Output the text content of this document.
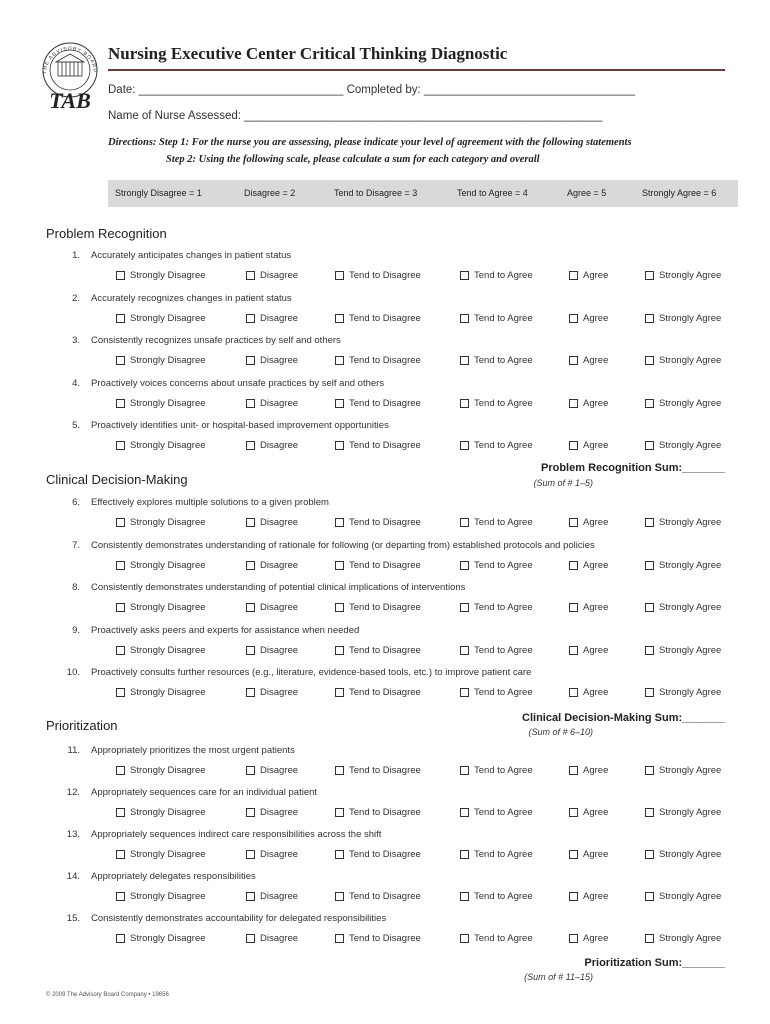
THE ADVISORY BOARD
TAB
Nursing Executive Center Critical Thinking Diagnostic
Date: ________________________________ Completed by: _________________________________
Name of Nurse Assessed: ________________________________________________________
Directions: Step 1: For the nurse you are assessing, please indicate your level of agreement with the following statements
Step 2: Using the following scale, please calculate a sum for each category and overall
Strongly Disagree = 1	Disagree = 2	Tend to Disagree = 3	Tend to Agree = 4	Agree = 5	Strongly Agree = 6
Problem Recognition
Problem Recognition Sum:_______
(Sum of # 1–5)
1. Accurately anticipates changes in patient status
Strongly Disagree	Disagree	Tend to Disagree	Tend to Agree	Agree	Strongly Agree
2. Accurately recognizes changes in patient status
Strongly Disagree	Disagree	Tend to Disagree	Tend to Agree	Agree	Strongly Agree
3. Consistently recognizes unsafe practices by self and others
Strongly Disagree	Disagree	Tend to Disagree	Tend to Agree	Agree	Strongly Agree
4. Proactively voices concerns about unsafe practices by self and others
Strongly Disagree	Disagree	Tend to Disagree	Tend to Agree	Agree	Strongly Agree
5. Proactively identifies unit- or hospital-based improvement opportunities
Strongly Disagree	Disagree	Tend to Disagree	Tend to Agree	Agree	Strongly Agree
Clinical Decision-Making
Clinical Decision-Making Sum:_______
(Sum of # 6–10)
6. Effectively explores multiple solutions to a given problem
Strongly Disagree	Disagree	Tend to Disagree	Tend to Agree	Agree	Strongly Agree
7. Consistently demonstrates understanding of rationale for following (or departing from) established protocols and policies
Strongly Disagree	Disagree	Tend to Disagree	Tend to Agree	Agree	Strongly Agree
8. Consistently demonstrates understanding of potential clinical implications of interventions
Strongly Disagree	Disagree	Tend to Disagree	Tend to Agree	Agree	Strongly Agree
9. Proactively asks peers and experts for assistance when needed
Strongly Disagree	Disagree	Tend to Disagree	Tend to Agree	Agree	Strongly Agree
10. Proactively consults further resources (e.g., literature, evidence-based tools, etc.) to improve patient care
Strongly Disagree	Disagree	Tend to Disagree	Tend to Agree	Agree	Strongly Agree
Prioritization
Prioritization Sum:_______
(Sum of # 11–15)
11. Appropriately prioritizes the most urgent patients
Strongly Disagree	Disagree	Tend to Disagree	Tend to Agree	Agree	Strongly Agree
12. Appropriately sequences care for an individual patient
Strongly Disagree	Disagree	Tend to Disagree	Tend to Agree	Agree	Strongly Agree
13. Appropriately sequences indirect care responsibilities across the shift
Strongly Disagree	Disagree	Tend to Disagree	Tend to Agree	Agree	Strongly Agree
14. Appropriately delegates responsibilities
Strongly Disagree	Disagree	Tend to Disagree	Tend to Agree	Agree	Strongly Agree
15. Consistently demonstrates accountability for delegated responsibilities
Strongly Disagree	Disagree	Tend to Disagree	Tend to Agree	Agree	Strongly Agree
© 2009 The Advisory Board Company • 19656
